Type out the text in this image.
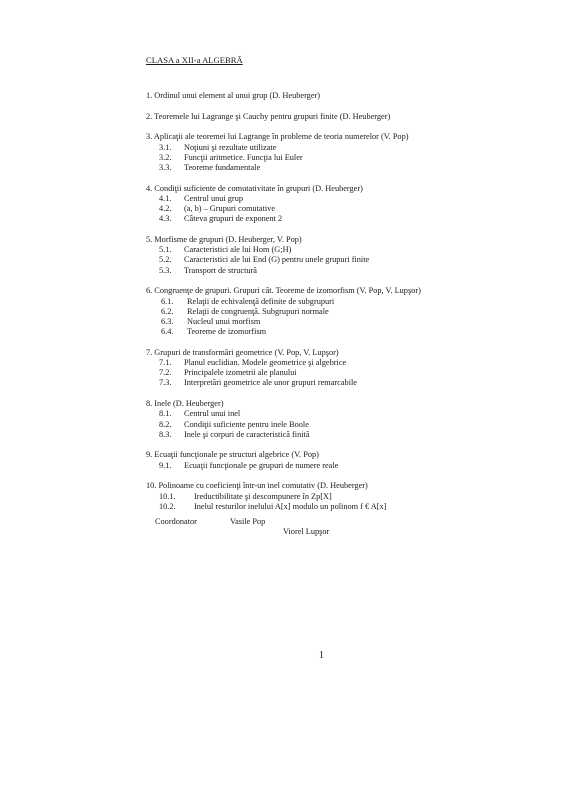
CLASA a XII-a ALGEBRĂ
1. Ordinul unui element al unui grup (D. Heuberger)
2. Teoremele lui Lagrange şi Cauchy pentru grupuri finite (D. Heuberger)
3. Aplicaţii ale teoremei lui Lagrange în probleme de teoria numerelor (V. Pop)
3.1.	Noţiuni şi rezultate utilizate
3.2.	Funcţii aritmetice. Funcţia lui Euler
3.3.	Teoreme fundamentale
4. Condiţii suficiente de comutativitate în grupuri (D. Heuberger)
4.1.	Centrul unui grup
4.2.	(a, b) – Grupuri comutative
4.3.	Câteva grupuri de exponent 2
5. Morfisme de grupuri (D. Heuberger, V. Pop)
5.1.	Caracteristici ale lui Hom (G;H)
5.2.	Caracteristici ale lui End (G) pentru unele grupuri finite
5.3.	Transport de structură
6. Congruenţe de grupuri. Grupuri cât. Teoreme de izomorfism (V. Pop, V. Lupşor)
6.1.	Relaţii de echivalenţă definite de subgrupuri
6.2.	Relaţii de congruenţă. Subgrupuri normale
6.3.	Nucleul unui morfism
6.4.	Teoreme de izomorfism
7. Grupuri de transformări geometrice (V. Pop, V. Lupşor)
7.1.	Planul euclidian. Modele geometrice şi algebrice
7.2.	Principalele izometrii ale planului
7.3.	Interpretări geometrice ale unor grupuri remarcabile
8. Inele (D. Heuberger)
8.1.	Centrul unui inel
8.2.	Condiţii suficiente pentru inele Boole
8.3.	Inele şi corpuri de caracteristică finită
9. Ecuaţii funcţionale pe structuri algebrice (V. Pop)
9.1.	Ecuaţii funcţionale pe grupuri de numere reale
10. Polinoame cu coeficienţi într-un inel comutativ (D. Heuberger)
10.1.	Ireductibilitate şi descompunere în Zp[X]
10.2.	Inelul resturilor inelului A[x] modulo un polinom f € A[x]
Coordonator	Vasile Pop
Viorel Lupşor
1
